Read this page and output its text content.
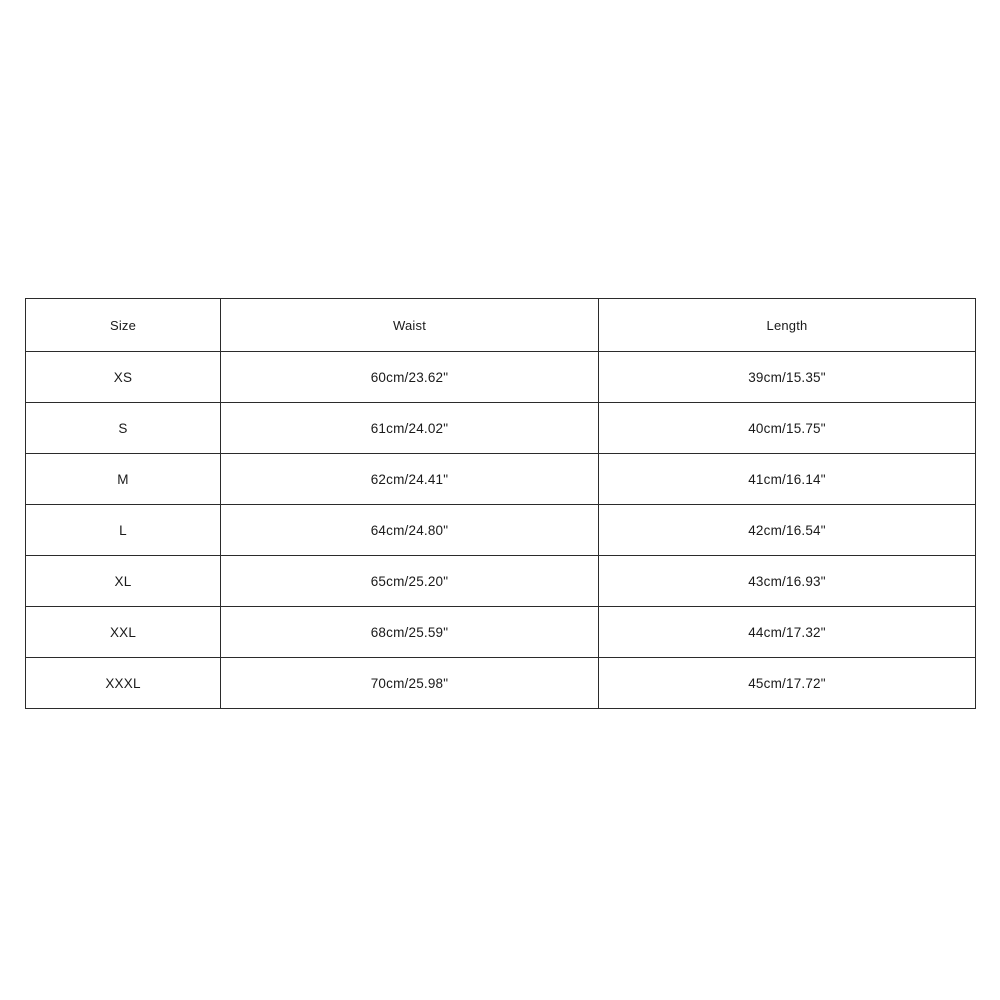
Size	Waist	Length
XS	60cm/23.62"	39cm/15.35"
S	61cm/24.02"	40cm/15.75"
M	62cm/24.41"	41cm/16.14"
L	64cm/24.80"	42cm/16.54"
XL	65cm/25.20"	43cm/16.93"
XXL	68cm/25.59"	44cm/17.32"
XXXL	70cm/25.98"	45cm/17.72"
